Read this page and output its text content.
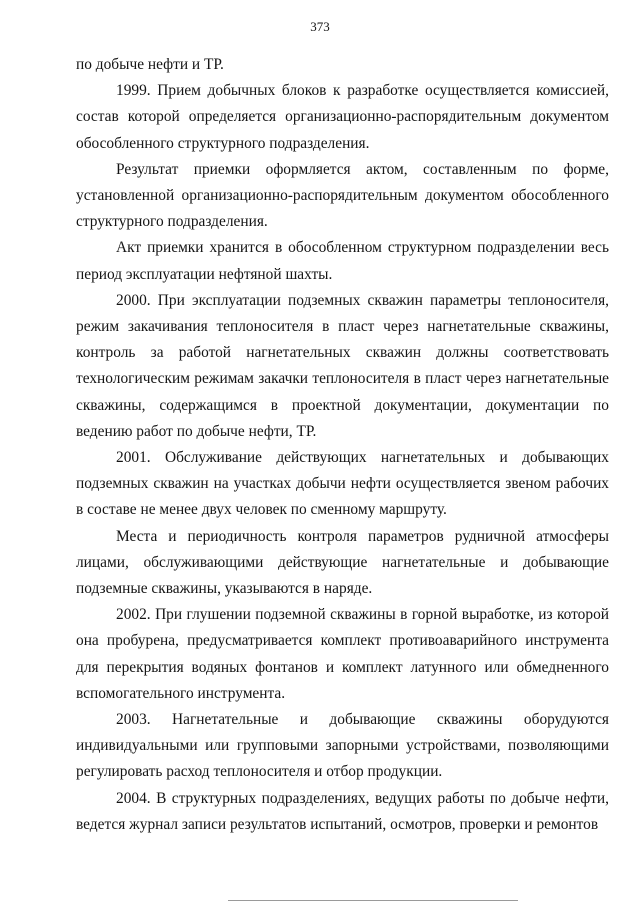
373

по добыче нефти и ТР.

1999. Прием добычных блоков к разработке осуществляется комиссией, состав которой определяется организационно-распорядительным документом обособленного структурного подразделения.

Результат приемки оформляется актом, составленным по форме, установленной организационно-распорядительным документом обособленного структурного подразделения.

Акт приемки хранится в обособленном структурном подразделении весь период эксплуатации нефтяной шахты.

2000. При эксплуатации подземных скважин параметры теплоносителя, режим закачивания теплоносителя в пласт через нагнетательные скважины, контроль за работой нагнетательных скважин должны соответствовать технологическим режимам закачки теплоносителя в пласт через нагнетательные скважины, содержащимся в проектной документации, документации по ведению работ по добыче нефти, ТР.

2001. Обслуживание действующих нагнетательных и добывающих подземных скважин на участках добычи нефти осуществляется звеном рабочих в составе не менее двух человек по сменному маршруту.

Места и периодичность контроля параметров рудничной атмосферы лицами, обслуживающими действующие нагнетательные и добывающие подземные скважины, указываются в наряде.

2002. При глушении подземной скважины в горной выработке, из которой она пробурена, предусматривается комплект противоаварийного инструмента для перекрытия водяных фонтанов и комплект латунного или обмедненного вспомогательного инструмента.

2003. Нагнетательные и добывающие скважины оборудуются индивидуальными или групповыми запорными устройствами, позволяющими регулировать расход теплоносителя и отбор продукции.

2004. В структурных подразделениях, ведущих работы по добыче нефти, ведется журнал записи результатов испытаний, осмотров, проверки и ремонтов
